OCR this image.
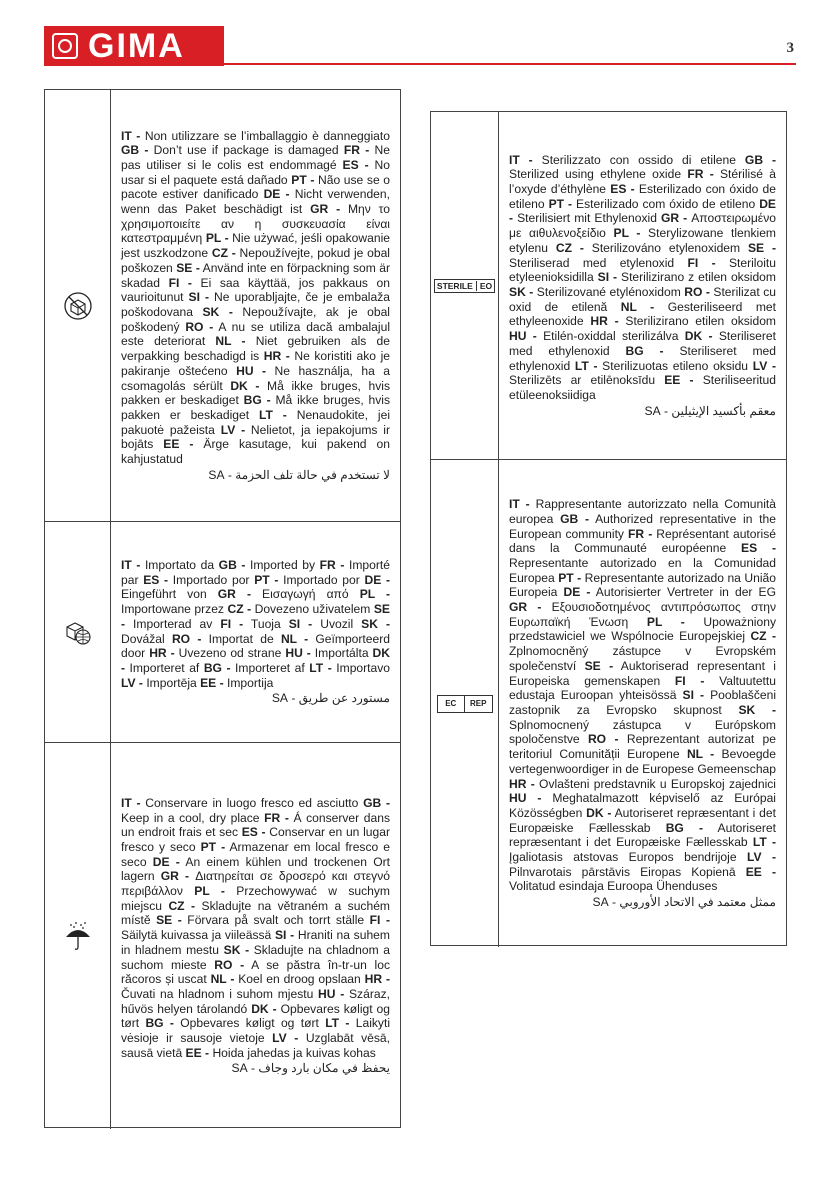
GIMA	3

IT - Non utilizzare se l’imballaggio è danneggiato GB - Don’t use if package is damaged FR - Ne pas utiliser si le colis est endommagé ES - No usar si el paquete está dañado PT - Não use se o pacote estiver danificado DE - Nicht verwenden, wenn das Paket beschädigt ist GR - Μην το χρησιμοποιείτε αν η συσκευασία είναι κατεστραμμένη PL - Nie używać, jeśli opakowanie jest uszkodzone CZ - Nepoužívejte, pokud je obal poškozen SE - Använd inte en förpackning som är skadad FI - Ei saa käyttää, jos pakkaus on vaurioitunut SI - Ne uporabljajte, če je embalaža poškodovana SK - Nepoužívajte, ak je obal poškodený RO - A nu se utiliza dacă ambalajul este deteriorat NL - Niet gebruiken als de verpakking beschadigd is HR - Ne koristiti ako je pakiranje oštećeno HU - Ne használja, ha a csomagolás sérült DK - Må ikke bruges, hvis pakken er beskadiget BG - Må ikke bruges, hvis pakken er beskadiget LT - Nenaudokite, jei pakuotė pažeista LV - Nelietot, ja iepakojums ir bojāts EE - Ärge kasutage, kui pakend on kahjustatud

لا تستخدم في حالة تلف الحزمة - SA

IT - Importato da GB - Imported by FR - Importé par ES - Importado por PT - Importado por DE - Eingeführt von GR - Εισαγωγή από PL - Importowane przez CZ - Dovezeno uživatelem SE - Importerad av FI - Tuoja SI - Uvozil SK - Dovážal RO - Importat de NL - Geïmporteerd door HR - Uvezeno od strane HU - Importálta DK - Importeret af BG - Importeret af LT - Importavo LV - Importēja EE - Importija

مستورد عن طريق - SA

IT - Conservare in luogo fresco ed asciutto GB - Keep in a cool, dry place FR - Á conserver dans un endroit frais et sec ES - Conservar en un lugar fresco y seco PT - Armazenar em local fresco e seco DE - An einem kühlen und trockenen Ort lagern GR - Διατηρείται σε δροσερό και στεγνό περιβάλλον PL - Przechowywać w suchym miejscu CZ - Skladujte na větraném a suchém místě SE - Förvara på svalt och torrt ställe FI - Säilytä kuivassa ja viileässä SI - Hraniti na suhem in hladnem mestu SK - Skladujte na chladnom a suchom mieste RO - A se păstra în-tr-un loc răcoros și uscat NL - Koel en droog opslaan HR - Čuvati na hladnom i suhom mjestu HU - Száraz, hűvös helyen tárolandó DK - Opbevares køligt og tørt BG - Opbevares køligt og tørt LT - Laikyti vėsioje ir sausoje vietoje LV - Uzglabāt vēsā, sausā vietā EE - Hoida jahedas ja kuivas kohas

يحفظ في مكان بارد وجاف - SA

STERILE EO

IT - Sterilizzato con ossido di etilene GB - Sterilized using ethylene oxide FR - Stérilisé à l’oxyde d’éthylène ES - Esterilizado con óxido de etileno PT - Esterilizado com óxido de etileno DE - Sterilisiert mit Ethylenoxid GR - Αποστειρωμένο με αιθυλενοξείδιο PL - Sterylizowane tlenkiem etylenu CZ - Sterilizováno etylenoxidem SE - Steriliserad med etylenoxid FI - Steriloitu etyleenioksidilla SI - Sterilizirano z etilen oksidom SK - Sterilizované etylénoxidom RO - Sterilizat cu oxid de etilenă NL - Gesteriliseerd met ethyleenoxide HR - Sterilizirano etilen oksidom HU - Etilén-oxiddal sterilizálva DK - Steriliseret med ethylenoxid BG - Steriliseret med ethylenoxid LT - Sterilizuotas etileno oksidu LV - Sterilizēts ar etilēnoksīdu EE - Steriliseeritud etüleenoksiidiga

معقم بأكسيد الإيثيلين - SA

EC	REP

IT - Rappresentante autorizzato nella Comunità europea GB - Authorized representative in the European community FR - Représentant autorisé dans la Communauté européenne ES - Representante autorizado en la Comunidad Europea PT - Representante autorizado na União Europeia DE - Autorisierter Vertreter in der EG GR - Εξουσιοδοτημένος αντιπρόσωπος στην Ευρωπαϊκή Ένωση PL - Upoważniony przedstawiciel we Wspólnocie Europejskiej CZ - Zplnomocněný zástupce v Evropském společenství SE - Auktoriserad representant i Europeiska gemenskapen FI - Valtuutettu edustaja Euroopan yhteisössä SI - Pooblaščeni zastopnik za Evropsko skupnost SK - Splnomocnený zástupca v Európskom spoločenstve RO - Reprezentant autorizat pe teritoriul Comunității Europene NL - Bevoegde vertegenwoordiger in de Europese Gemeenschap HR - Ovlašteni predstavnik u Europskoj zajednici HU - Meghatalmazott képviselő az Európai Közösségben DK - Autoriseret repræsentant i det Europæiske Fællesskab BG - Autoriseret repræsentant i det Europæiske Fællesskab LT - Įgaliotasis atstovas Europos bendrijoje LV - Pilnvarotais pārstāvis Eiropas Kopienā EE - Volitatud esindaja Euroopa Ühenduses

ممثل معتمد في الاتحاد الأوروبي - SA
